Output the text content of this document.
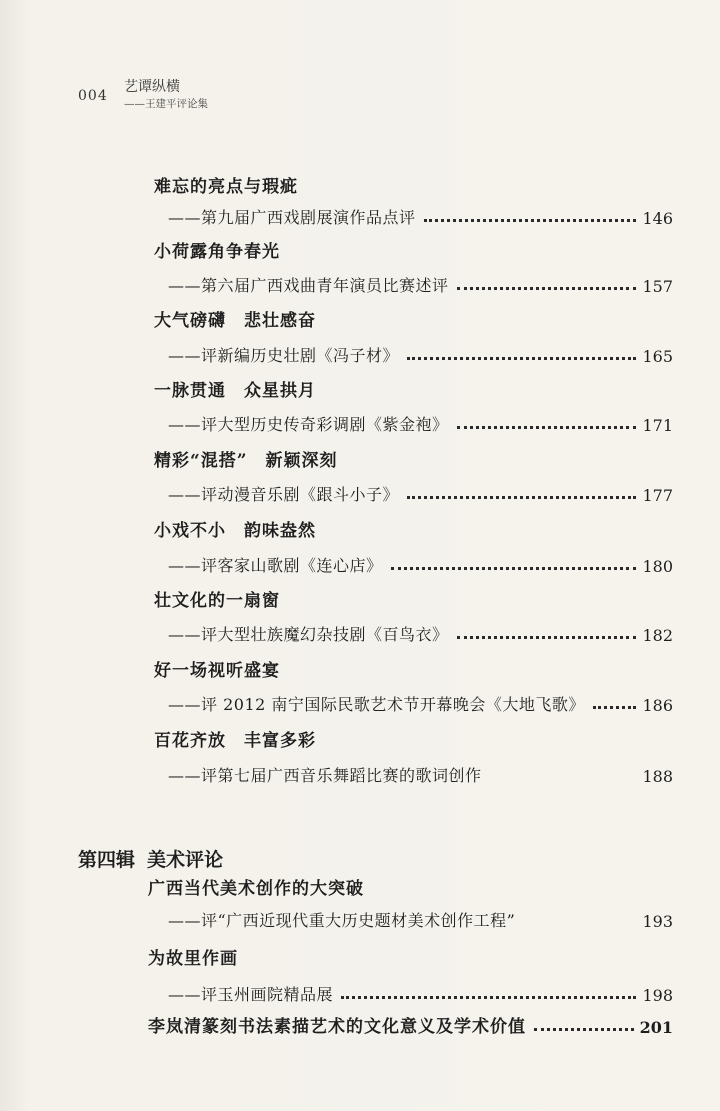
004
艺谭纵横
——王建平评论集
难忘的亮点与瑕疵
——第九届广西戏剧展演作品点评	146
小荷露角争春光
——第六届广西戏曲青年演员比赛述评	157
大气磅礴　悲壮感奋
——评新编历史壮剧《冯子材》	165
一脉贯通　众星拱月
——评大型历史传奇彩调剧《紫金袍》	171
精彩“混搭”　新颖深刻
——评动漫音乐剧《跟斗小子》	177
小戏不小　韵味盎然
——评客家山歌剧《连心店》	180
壮文化的一扇窗
——评大型壮族魔幻杂技剧《百鸟衣》	182
好一场视听盛宴
——评 2012 南宁国际民歌艺术节开幕晚会《大地飞歌》	186
百花齐放　丰富多彩
——评第七届广西音乐舞蹈比赛的歌词创作	188
第四辑 美术评论
广西当代美术创作的大突破
——评“广西近现代重大历史题材美术创作工程”	193
为故里作画
——评玉州画院精品展	198
李岚清篆刻书法素描艺术的文化意义及学术价值	201
